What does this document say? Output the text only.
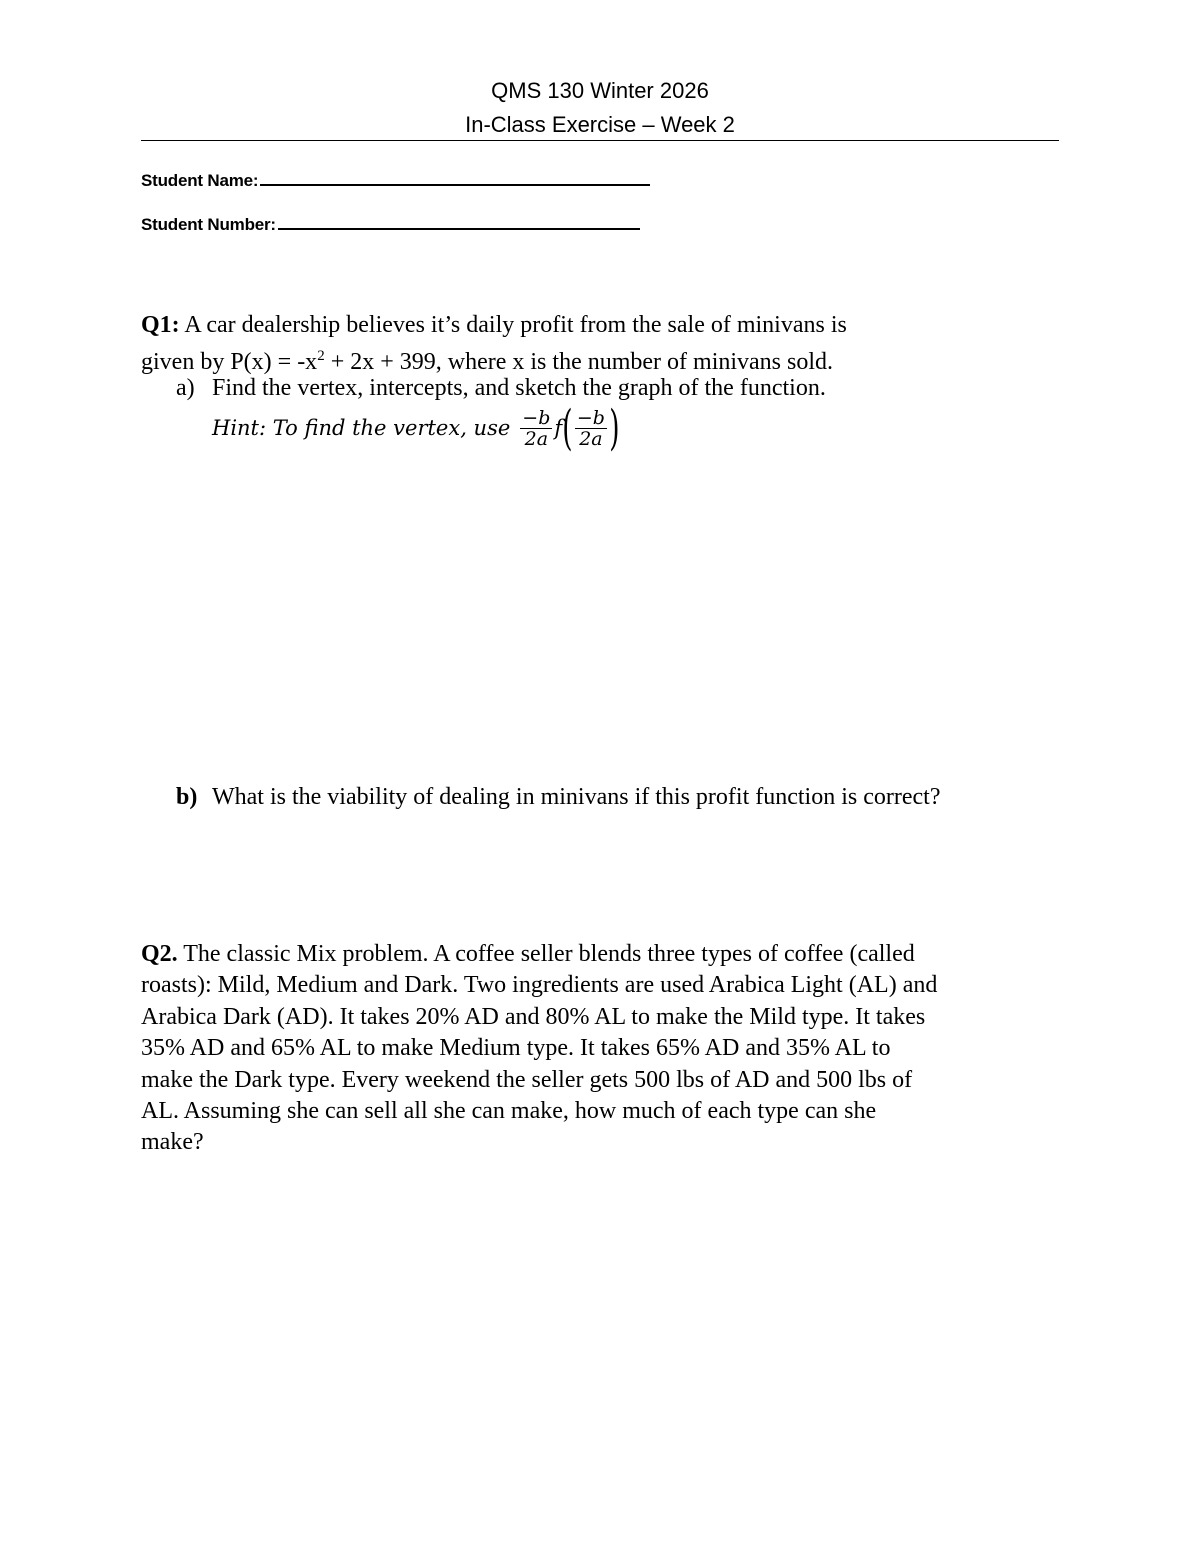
QMS 130 Winter 2026
In-Class Exercise – Week 2
Student Name:
Student Number:
Q1: A car dealership believes it’s daily profit from the sale of minivans is
given by $P(x) = -x^2 + 2x + 399$, where x is the number of minivans sold.
a) Find the vertex, intercepts, and sketch the graph of the function.
Hint: To find the vertex, use $\frac{-b}{2a}$ f ( $\frac{-b}{2a}$ )
b) What is the viability of dealing in minivans if this profit function is correct?
Q2. The classic Mix problem. A coffee seller blends three types of coffee (called
roasts): Mild, Medium and Dark. Two ingredients are used Arabica Light (AL) and
Arabica Dark (AD). It takes 20% AD and 80% AL to make the Mild type. It takes
35% AD and 65% AL to make Medium type. It takes 65% AD and 35% AL to
make the Dark type. Every weekend the seller gets 500 lbs of AD and 500 lbs of
AL. Assuming she can sell all she can make, how much of each type can she
make?
